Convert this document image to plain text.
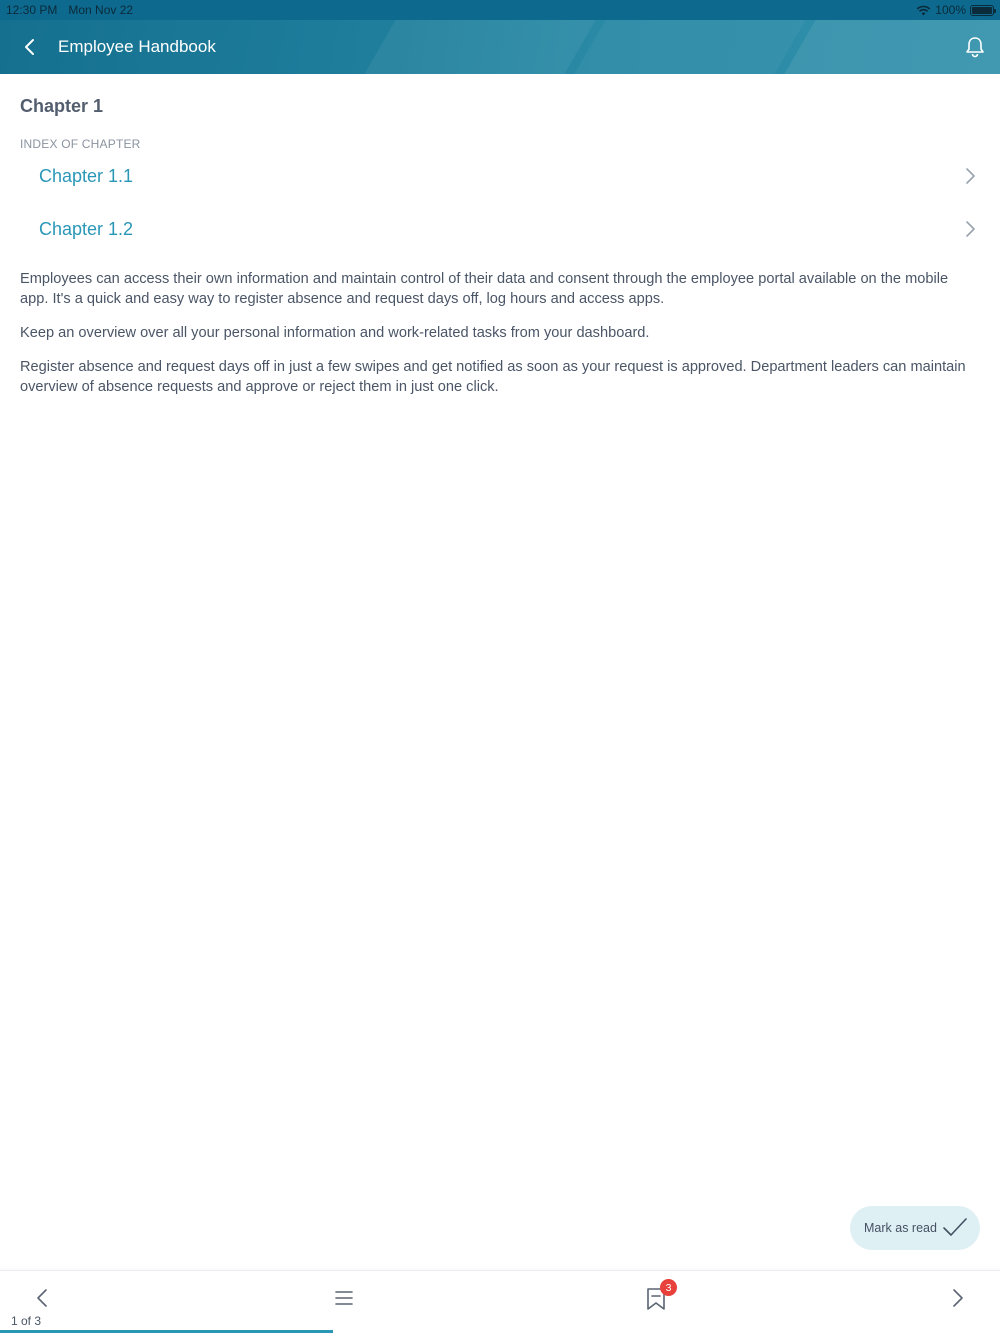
12:30 PM Mon Nov 22	100%
Employee Handbook
Chapter 1
INDEX OF CHAPTER
Chapter 1.1
Chapter 1.2

Employees can access their own information and maintain control of their data and consent through the employee portal available on the mobile app. It's a quick and easy way to register absence and request days off, log hours and access apps.

Keep an overview over all your personal information and work-related tasks from your dashboard.

Register absence and request days off in just a few swipes and get notified as soon as your request is approved. Department leaders can maintain overview of absence requests and approve or reject them in just one click.

Mark as read
3
1 of 3
